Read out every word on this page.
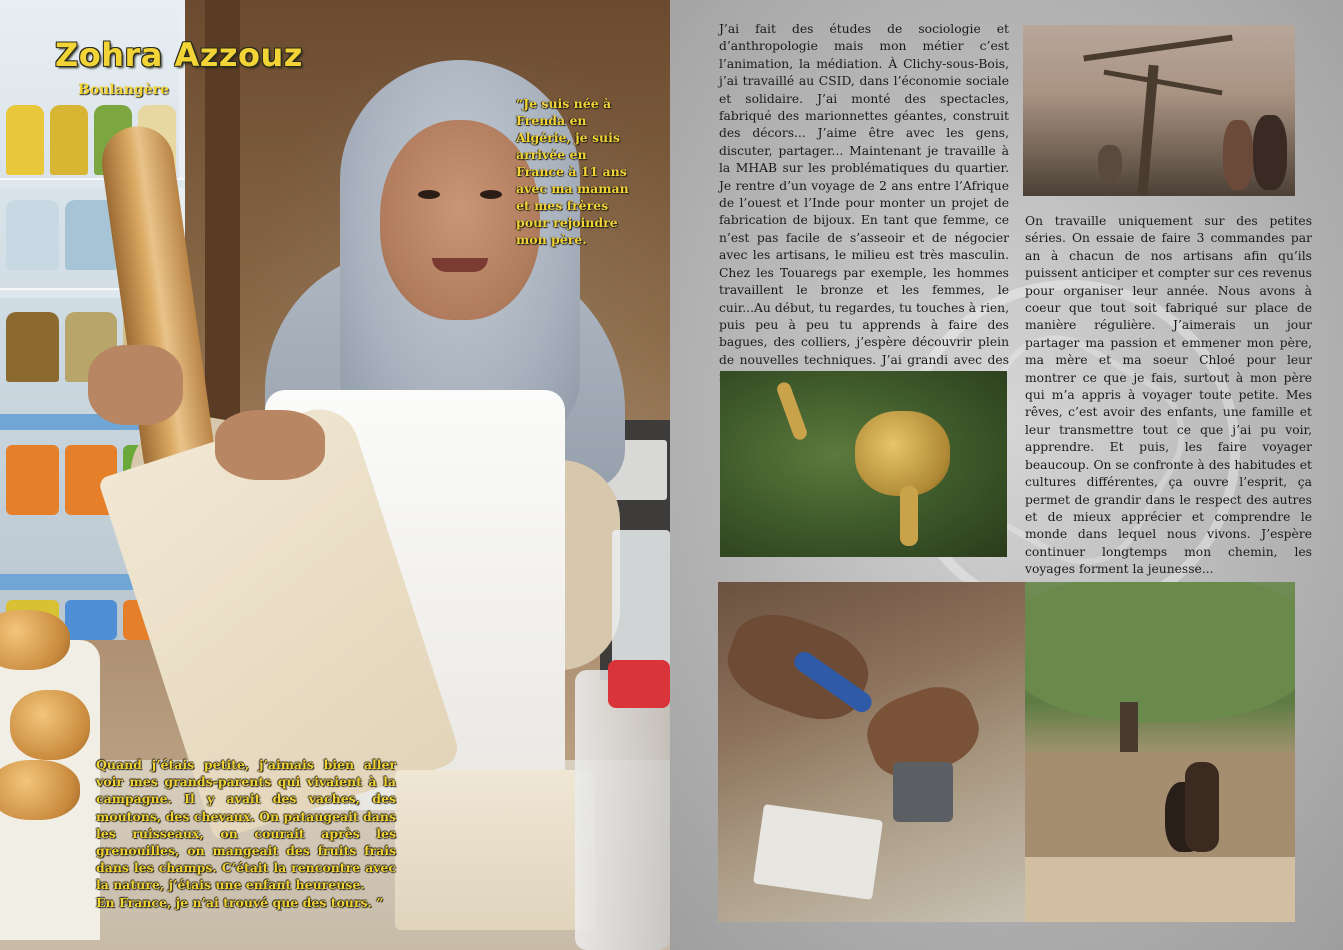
Zohra Azzouz
Boulangère
“Je suis née à Frenda en Algérie, je suis arrivée en France à 11 ans avec ma maman et mes frères pour rejoindre mon père.
Quand j’étais petite, j’aimais bien aller voir mes grands-parents qui vivaient à la campagne. Il y avait des vaches, des moutons, des chevaux. On pataugeait dans les ruisseaux, on courait après les grenouilles, on mangeait des fruits frais dans les champs. C’était la rencontre avec la nature, j’étais une enfant heureuse.
En France, je n’ai trouvé que des tours. ”
J’ai fait des études de sociologie et d’anthropologie mais mon métier c’est l’animation, la médiation. À Clichy-sous-Bois, j’ai travaillé au CSID, dans l’économie sociale et solidaire. J’ai monté des spectacles, fabriqué des marionnettes géantes, construit des décors... J’aime être avec les gens, discuter, partager... Maintenant je travaille à la MHAB sur les problématiques du quartier. Je rentre d’un voyage de 2 ans entre l’Afrique de l’ouest et l’Inde pour monter un projet de fabrication de bijoux. En tant que femme, ce n’est pas facile de s’asseoir et de négocier avec les artisans, le milieu est très masculin. Chez les Touaregs par exemple, les hommes travaillent le bronze et les femmes, le cuir...Au début, tu regardes, tu touches à rien, puis peu à peu tu apprends à faire des bagues, des colliers, j’espère découvrir plein de nouvelles techniques. J’ai grandi avec des
On travaille uniquement sur des petites séries. On essaie de faire 3 commandes par an à chacun de nos artisans afin qu’ils puissent anticiper et compter sur ces revenus pour organiser leur année. Nous avons à coeur que tout soit fabriqué sur place de manière régulière. J’aimerais un jour partager ma passion et emmener mon père, ma mère et ma soeur Chloé pour leur montrer ce que je fais, surtout à mon père qui m’a appris à voyager toute petite. Mes rêves, c’est avoir des enfants, une famille et leur transmettre tout ce que j’ai pu voir, apprendre. Et puis, les faire voyager beaucoup. On se confronte à des habitudes et cultures différentes, ça ouvre l’esprit, ça permet de grandir dans le respect des autres et de mieux apprécier et comprendre le monde dans lequel nous vivons. J’espère continuer longtemps mon chemin, les voyages forment la jeunesse...
